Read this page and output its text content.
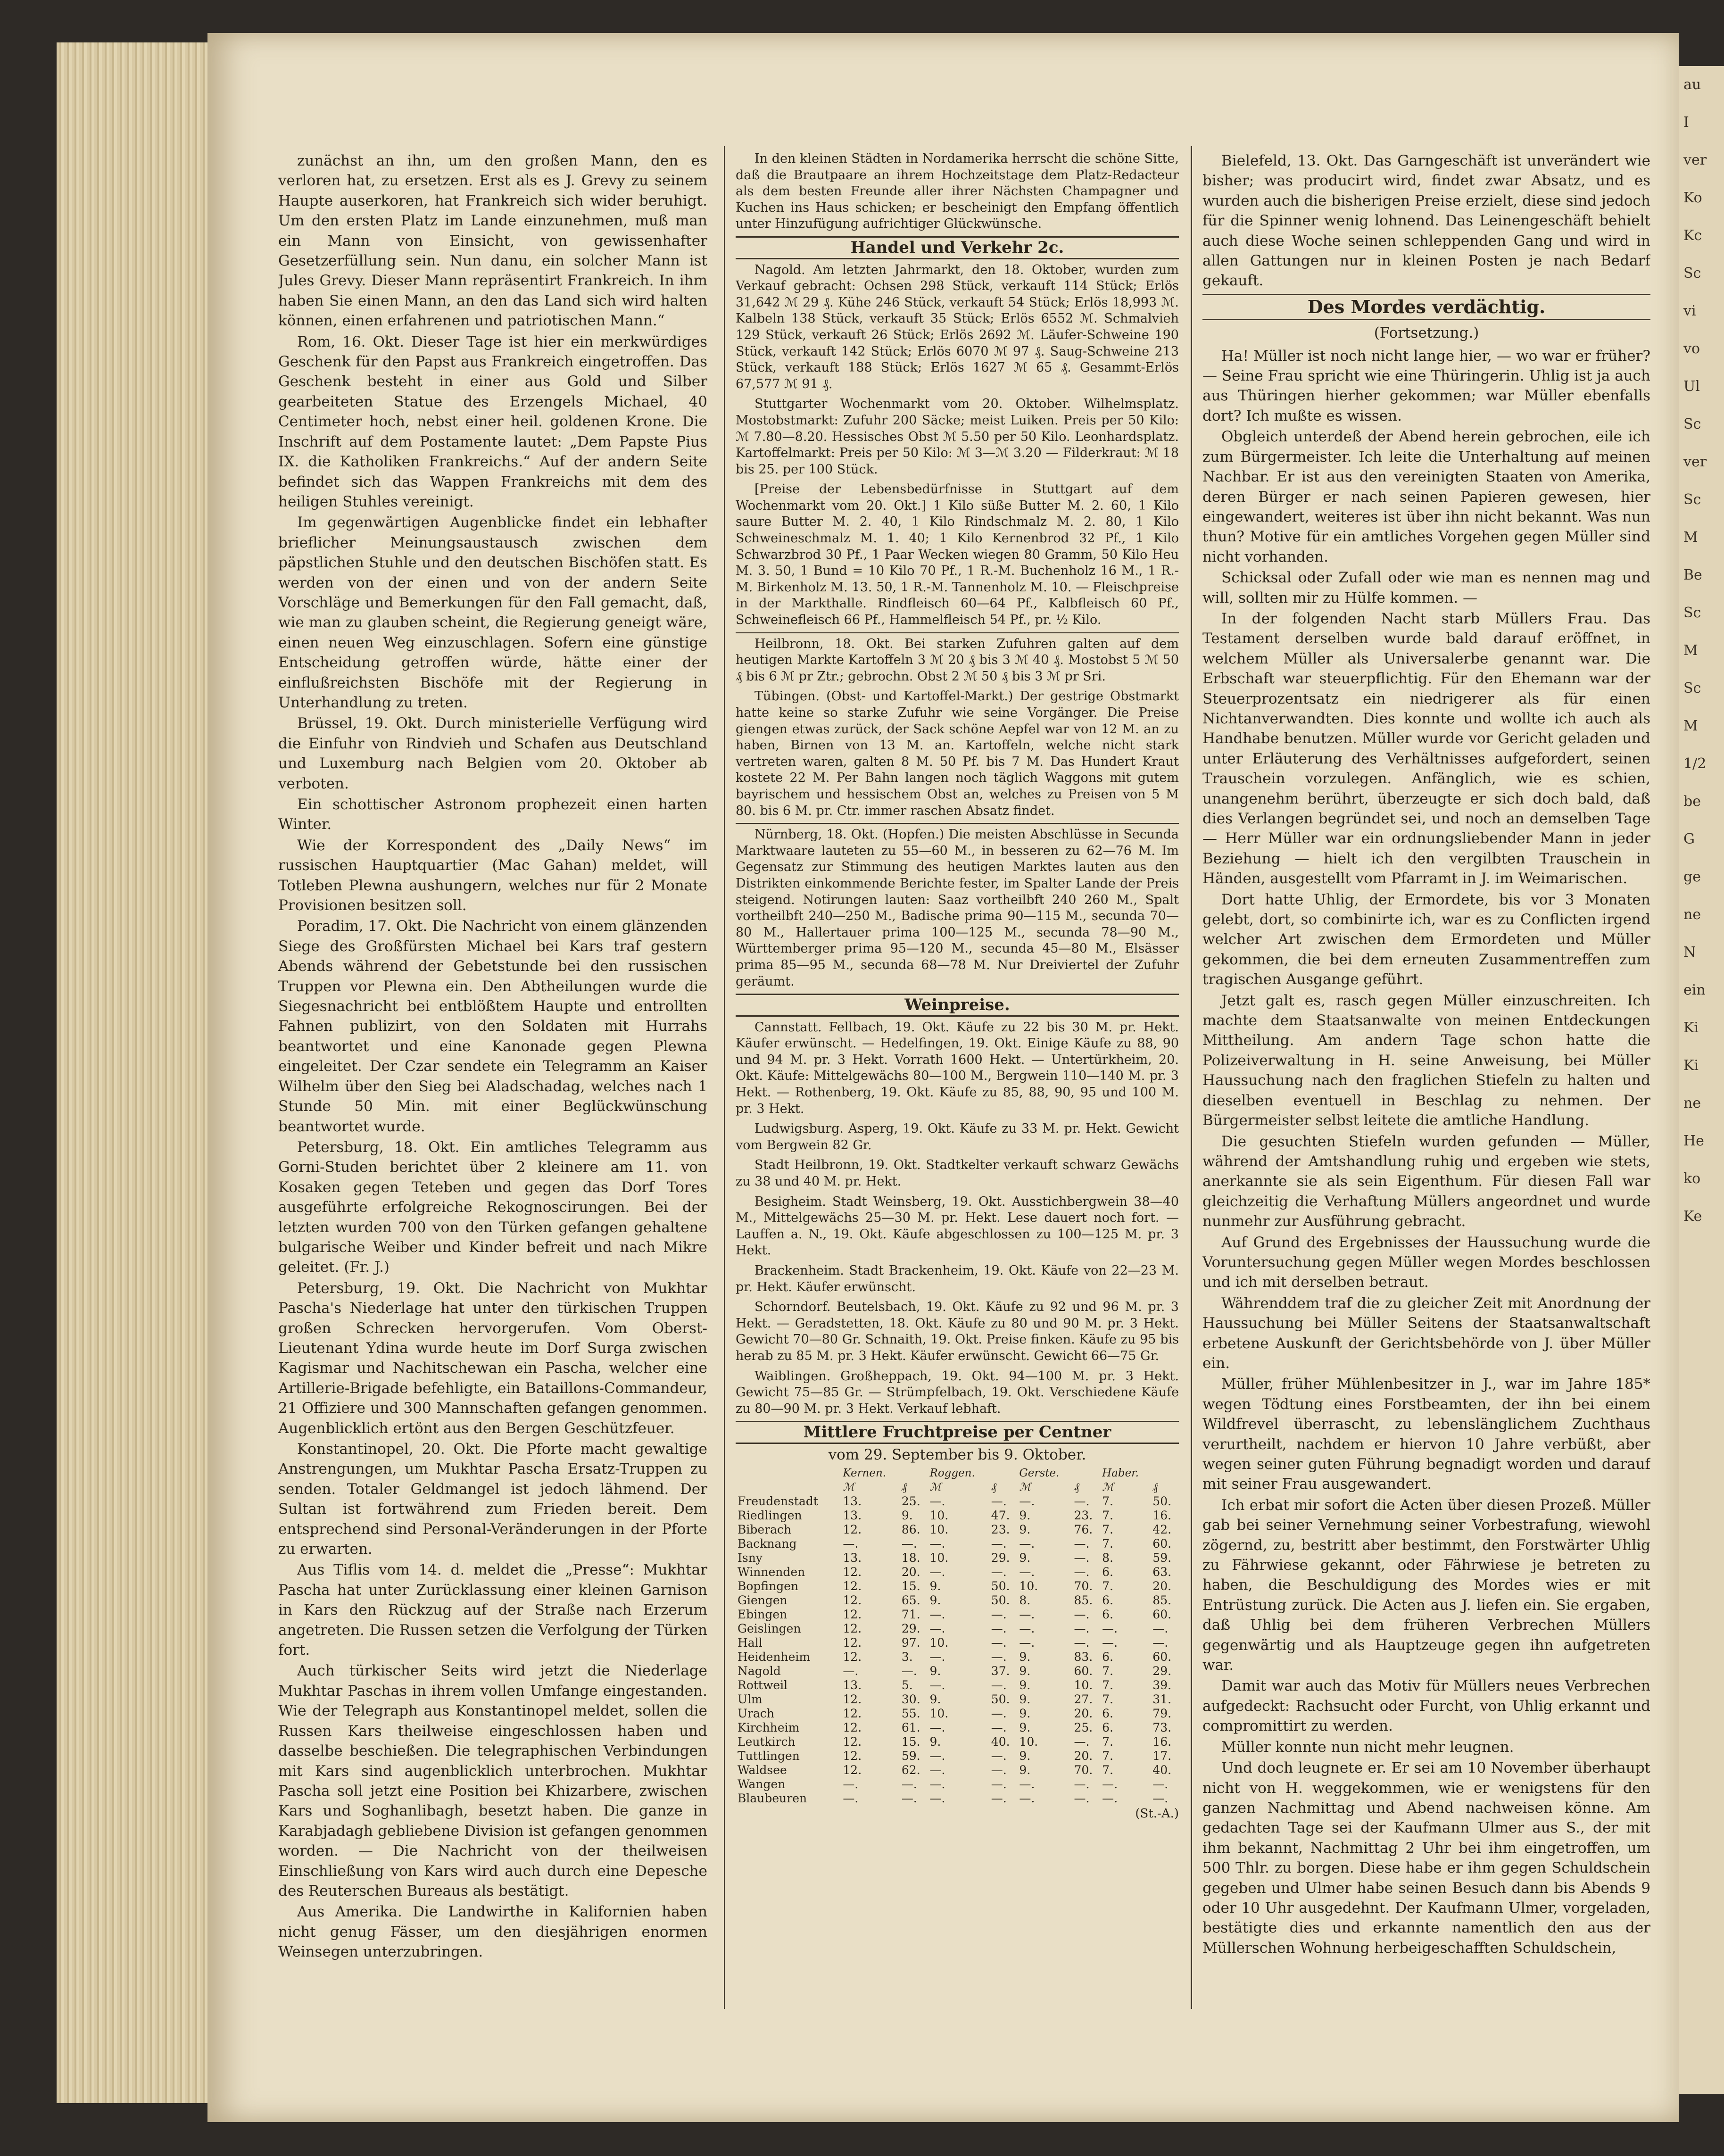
zunächst an ihn, um den großen Mann, den es verloren hat, zu ersetzen. Erst als es J. Grevy zu seinem Haupte auserkoren, hat Frankreich sich wider beruhigt. Um den ersten Platz im Lande einzunehmen, muß man ein Mann von Einsicht, von gewissenhafter Gesetzerfüllung sein. Nun danu, ein solcher Mann ist Jules Grevy. Dieser Mann repräsentirt Frankreich. In ihm haben Sie einen Mann, an den das Land sich wird halten können, einen erfahrenen und patriotischen Mann.“

Rom, 16. Okt. Dieser Tage ist hier ein merkwürdiges Geschenk für den Papst aus Frankreich eingetroffen. Das Geschenk besteht in einer aus Gold und Silber gearbeiteten Statue des Erzengels Michael, 40 Centimeter hoch, nebst einer heil. goldenen Krone. Die Inschrift auf dem Postamente lautet: „Dem Papste Pius IX. die Katholiken Frankreichs.“ Auf der andern Seite befindet sich das Wappen Frankreichs mit dem des heiligen Stuhles vereinigt.

Im gegenwärtigen Augenblicke findet ein lebhafter brieflicher Meinungsaustausch zwischen dem päpstlichen Stuhle und den deutschen Bischöfen statt. Es werden von der einen und von der andern Seite Vorschläge und Bemerkungen für den Fall gemacht, daß, wie man zu glauben scheint, die Regierung geneigt wäre, einen neuen Weg einzuschlagen. Sofern eine günstige Entscheidung getroffen würde, hätte einer der einflußreichsten Bischöfe mit der Regierung in Unterhandlung zu treten.

Brüssel, 19. Okt. Durch ministerielle Verfügung wird die Einfuhr von Rindvieh und Schafen aus Deutschland und Luxemburg nach Belgien vom 20. Oktober ab verboten.

Ein schottischer Astronom prophezeit einen harten Winter.

Wie der Korrespondent des „Daily News“ im russischen Hauptquartier (Mac Gahan) meldet, will Totleben Plewna aushungern, welches nur für 2 Monate Provisionen besitzen soll.

Poradim, 17. Okt. Die Nachricht von einem glänzenden Siege des Großfürsten Michael bei Kars traf gestern Abends während der Gebetstunde bei den russischen Truppen vor Plewna ein. Den Abtheilungen wurde die Siegesnachricht bei entblößtem Haupte und entrollten Fahnen publizirt, von den Soldaten mit Hurrahs beantwortet und eine Kanonade gegen Plewna eingeleitet. Der Czar sendete ein Telegramm an Kaiser Wilhelm über den Sieg bei Aladschadag, welches nach 1 Stunde 50 Min. mit einer Beglückwünschung beantwortet wurde.

Petersburg, 18. Okt. Ein amtliches Telegramm aus Gorni-Studen berichtet über 2 kleinere am 11. von Kosaken gegen Teteben und gegen das Dorf Tores ausgeführte erfolgreiche Rekognoscirungen. Bei der letzten wurden 700 von den Türken gefangen gehaltene bulgarische Weiber und Kinder befreit und nach Mikre geleitet. (Fr. J.)

Petersburg, 19. Okt. Die Nachricht von Mukhtar Pascha's Niederlage hat unter den türkischen Truppen großen Schrecken hervorgerufen. Vom Oberst-Lieutenant Ydina wurde heute im Dorf Surga zwischen Kagismar und Nachitschewan ein Pascha, welcher eine Artillerie-Brigade befehligte, ein Bataillons-Commandeur, 21 Offiziere und 300 Mannschaften gefangen genommen. Augenblicklich ertönt aus den Bergen Geschützfeuer.

Konstantinopel, 20. Okt. Die Pforte macht gewaltige Anstrengungen, um Mukhtar Pascha Ersatz-Truppen zu senden. Totaler Geldmangel ist jedoch lähmend. Der Sultan ist fortwährend zum Frieden bereit. Dem entsprechend sind Personal-Veränderungen in der Pforte zu erwarten.

Aus Tiflis vom 14. d. meldet die „Presse“: Mukhtar Pascha hat unter Zurücklassung einer kleinen Garnison in Kars den Rückzug auf der Straße nach Erzerum angetreten. Die Russen setzen die Verfolgung der Türken fort.

Auch türkischer Seits wird jetzt die Niederlage Mukhtar Paschas in ihrem vollen Umfange eingestanden. Wie der Telegraph aus Konstantinopel meldet, sollen die Russen Kars theilweise eingeschlossen haben und dasselbe beschießen. Die telegraphischen Verbindungen mit Kars sind augenblicklich unterbrochen. Mukhtar Pascha soll jetzt eine Position bei Khizarbere, zwischen Kars und Soghanlibagh, besetzt haben. Die ganze in Karabjadagh gebliebene Division ist gefangen genommen worden. — Die Nachricht von der theilweisen Einschließung von Kars wird auch durch eine Depesche des Reuterschen Bureaus als bestätigt.

Aus Amerika. Die Landwirthe in Kalifornien haben nicht genug Fässer, um den diesjährigen enormen Weinsegen unterzubringen.

In den kleinen Städten in Nordamerika herrscht die schöne Sitte, daß die Brautpaare an ihrem Hochzeitstage dem Platz-Redacteur als dem besten Freunde aller ihrer Nächsten Champagner und Kuchen ins Haus schicken; er bescheinigt den Empfang öffentlich unter Hinzufügung aufrichtiger Glückwünsche.

Handel und Verkehr 2c.

Nagold. Am letzten Jahrmarkt, den 18. Oktober, wurden zum Verkauf gebracht: Ochsen 298 Stück, verkauft 114 Stück; Erlös 31,642 ℳ 29 ₰. Kühe 246 Stück, verkauft 54 Stück; Erlös 18,993 ℳ. Kalbeln 138 Stück, verkauft 35 Stück; Erlös 6552 ℳ. Schmalvieh 129 Stück, verkauft 26 Stück; Erlös 2692 ℳ. Läufer-Schweine 190 Stück, verkauft 142 Stück; Erlös 6070 ℳ 97 ₰. Saug-Schweine 213 Stück, verkauft 188 Stück; Erlös 1627 ℳ 65 ₰. Gesammt-Erlös 67,577 ℳ 91 ₰.

Stuttgarter Wochenmarkt vom 20. Oktober. Wilhelmsplatz. Mostobstmarkt: Zufuhr 200 Säcke; meist Luiken. Preis per 50 Kilo: ℳ 7.80—8.20. Hessisches Obst ℳ 5.50 per 50 Kilo. Leonhardsplatz. Kartoffelmarkt: Preis per 50 Kilo: ℳ 3—ℳ 3.20 — Filderkraut: ℳ 18 bis 25. per 100 Stück.

[Preise der Lebensbedürfnisse in Stuttgart auf dem Wochenmarkt vom 20. Okt.] 1 Kilo süße Butter M. 2. 60, 1 Kilo saure Butter M. 2. 40, 1 Kilo Rindschmalz M. 2. 80, 1 Kilo Schweineschmalz M. 1. 40; 1 Kilo Kernenbrod 32 Pf., 1 Kilo Schwarzbrod 30 Pf., 1 Paar Wecken wiegen 80 Gramm, 50 Kilo Heu M. 3. 50, 1 Bund = 10 Kilo 70 Pf., 1 R.-M. Buchenholz 16 M., 1 R.-M. Birkenholz M. 13. 50, 1 R.-M. Tannenholz M. 10. — Fleischpreise in der Markthalle. Rindfleisch 60—64 Pf., Kalbfleisch 60 Pf., Schweinefleisch 66 Pf., Hammelfleisch 54 Pf., pr. ½ Kilo.

Heilbronn, 18. Okt. Bei starken Zufuhren galten auf dem heutigen Markte Kartoffeln 3 ℳ 20 ₰ bis 3 ℳ 40 ₰. Mostobst 5 ℳ 50 ₰ bis 6 ℳ pr Ztr.; gebrochn. Obst 2 ℳ 50 ₰ bis 3 ℳ pr Sri.

Tübingen. (Obst- und Kartoffel-Markt.) Der gestrige Obstmarkt hatte keine so starke Zufuhr wie seine Vorgänger. Die Preise giengen etwas zurück, der Sack schöne Aepfel war von 12 M. an zu haben, Birnen von 13 M. an. Kartoffeln, welche nicht stark vertreten waren, galten 8 M. 50 Pf. bis 7 M. Das Hundert Kraut kostete 22 M. Per Bahn langen noch täglich Waggons mit gutem bayrischem und hessischem Obst an, welches zu Preisen von 5 M 80. bis 6 M. pr. Ctr. immer raschen Absatz findet.

Nürnberg, 18. Okt. (Hopfen.) Die meisten Abschlüsse in Secunda Marktwaare lauteten zu 55—60 M., in besseren zu 62—76 M. Im Gegensatz zur Stimmung des heutigen Marktes lauten aus den Distrikten einkommende Berichte fester, im Spalter Lande der Preis steigend. Notirungen lauten: Saaz vortheilbft 240 260 M., Spalt vortheilbft 240—250 M., Badische prima 90—115 M., secunda 70—80 M., Hallertauer prima 100—125 M., secunda 78—90 M., Württemberger prima 95—120 M., secunda 45—80 M., Elsässer prima 85—95 M., secunda 68—78 M. Nur Dreiviertel der Zufuhr geräumt.

Weinpreise.

Cannstatt. Fellbach, 19. Okt. Käufe zu 22 bis 30 M. pr. Hekt. Käufer erwünscht. — Hedelfingen, 19. Okt. Einige Käufe zu 88, 90 und 94 M. pr. 3 Hekt. Vorrath 1600 Hekt. — Untertürkheim, 20. Okt. Käufe: Mittelgewächs 80—100 M., Bergwein 110—140 M. pr. 3 Hekt. — Rothenberg, 19. Okt. Käufe zu 85, 88, 90, 95 und 100 M. pr. 3 Hekt.

Ludwigsburg. Asperg, 19. Okt. Käufe zu 33 M. pr. Hekt. Gewicht vom Bergwein 82 Gr.

Stadt Heilbronn, 19. Okt. Stadtkelter verkauft schwarz Gewächs zu 38 und 40 M. pr. Hekt.

Besigheim. Stadt Weinsberg, 19. Okt. Ausstichbergwein 38—40 M., Mittelgewächs 25—30 M. pr. Hekt. Lese dauert noch fort. — Lauffen a. N., 19. Okt. Käufe abgeschlossen zu 100—125 M. pr. 3 Hekt.

Brackenheim. Stadt Brackenheim, 19. Okt. Käufe von 22—23 M. pr. Hekt. Käufer erwünscht.

Schorndorf. Beutelsbach, 19. Okt. Käufe zu 92 und 96 M. pr. 3 Hekt. — Geradstetten, 18. Okt. Käufe zu 80 und 90 M. pr. 3 Hekt. Gewicht 70—80 Gr. Schnaith, 19. Okt. Preise finken. Käufe zu 95 bis herab zu 85 M. pr. 3 Hekt. Käufer erwünscht. Gewicht 66—75 Gr.

Waiblingen. Großheppach, 19. Okt. 94—100 M. pr. 3 Hekt. Gewicht 75—85 Gr. — Strümpfelbach, 19. Okt. Verschiedene Käufe zu 80—90 M. pr. 3 Hekt. Verkauf lebhaft.

Mittlere Fruchtpreise per Centner
vom 29. September bis 9. Oktober.
	Kernen.		Roggen.		Gerste.		Haber.	
	ℳ	₰	ℳ	₰	ℳ	₰	ℳ	₰
Freudenstadt	13.	25.	—.	—.	—.	—.	7.	50.
Riedlingen	13.	9.	10.	47.	9.	23.	7.	16.
Biberach	12.	86.	10.	23.	9.	76.	7.	42.
Backnang	—.	—.	—.	—.	—.	—.	7.	60.
Isny	13.	18.	10.	29.	9.	—.	8.	59.
Winnenden	12.	20.	—.	—.	—.	—.	6.	63.
Bopfingen	12.	15.	9.	50.	10.	70.	7.	20.
Giengen	12.	65.	9.	50.	8.	85.	6.	85.
Ebingen	12.	71.	—.	—.	—.	—.	6.	60.
Geislingen	12.	29.	—.	—.	—.	—.	—.	—.
Hall	12.	97.	10.	—.	—.	—.	—.	—.
Heidenheim	12.	3.	—.	—.	9.	83.	6.	60.
Nagold	—.	—.	9.	37.	9.	60.	7.	29.
Rottweil	13.	5.	—.	—.	9.	10.	7.	39.
Ulm	12.	30.	9.	50.	9.	27.	7.	31.
Urach	12.	55.	10.	—.	9.	20.	6.	79.
Kirchheim	12.	61.	—.	—.	9.	25.	6.	73.
Leutkirch	12.	15.	9.	40.	10.	—.	7.	16.
Tuttlingen	12.	59.	—.	—.	9.	20.	7.	17.
Waldsee	12.	62.	—.	—.	9.	70.	7.	40.
Wangen	—.	—.	—.	—.	—.	—.	—.	—.
Blaubeuren	—.	—.	—.	—.	—.	—.	—.	—.
(St.-A.)

Bielefeld, 13. Okt. Das Garngeschäft ist unverändert wie bisher; was producirt wird, findet zwar Absatz, und es wurden auch die bisherigen Preise erzielt, diese sind jedoch für die Spinner wenig lohnend. Das Leinengeschäft behielt auch diese Woche seinen schleppenden Gang und wird in allen Gattungen nur in kleinen Posten je nach Bedarf gekauft.

Des Mordes verdächtig.
(Fortsetzung.)

Ha! Müller ist noch nicht lange hier, — wo war er früher? — Seine Frau spricht wie eine Thüringerin. Uhlig ist ja auch aus Thüringen hierher gekommen; war Müller ebenfalls dort? Ich mußte es wissen.

Obgleich unterdeß der Abend herein gebrochen, eile ich zum Bürgermeister. Ich leite die Unterhaltung auf meinen Nachbar. Er ist aus den vereinigten Staaten von Amerika, deren Bürger er nach seinen Papieren gewesen, hier eingewandert, weiteres ist über ihn nicht bekannt. Was nun thun? Motive für ein amtliches Vorgehen gegen Müller sind nicht vorhanden.

Schicksal oder Zufall oder wie man es nennen mag und will, sollten mir zu Hülfe kommen. —

In der folgenden Nacht starb Müllers Frau. Das Testament derselben wurde bald darauf eröffnet, in welchem Müller als Universalerbe genannt war. Die Erbschaft war steuerpflichtig. Für den Ehemann war der Steuerprozentsatz ein niedrigerer als für einen Nichtanverwandten. Dies konnte und wollte ich auch als Handhabe benutzen. Müller wurde vor Gericht geladen und unter Erläuterung des Verhältnisses aufgefordert, seinen Trauschein vorzulegen. Anfänglich, wie es schien, unangenehm berührt, überzeugte er sich doch bald, daß dies Verlangen begründet sei, und noch an demselben Tage — Herr Müller war ein ordnungsliebender Mann in jeder Beziehung — hielt ich den vergilbten Trauschein in Händen, ausgestellt vom Pfarramt in J. im Weimarischen.

Dort hatte Uhlig, der Ermordete, bis vor 3 Monaten gelebt, dort, so combinirte ich, war es zu Conflicten irgend welcher Art zwischen dem Ermordeten und Müller gekommen, die bei dem erneuten Zusammentreffen zum tragischen Ausgange geführt.

Jetzt galt es, rasch gegen Müller einzuschreiten. Ich machte dem Staatsanwalte von meinen Entdeckungen Mittheilung. Am andern Tage schon hatte die Polizeiverwaltung in H. seine Anweisung, bei Müller Haussuchung nach den fraglichen Stiefeln zu halten und dieselben eventuell in Beschlag zu nehmen. Der Bürgermeister selbst leitete die amtliche Handlung.

Die gesuchten Stiefeln wurden gefunden — Müller, während der Amtshandlung ruhig und ergeben wie stets, anerkannte sie als sein Eigenthum. Für diesen Fall war gleichzeitig die Verhaftung Müllers angeordnet und wurde nunmehr zur Ausführung gebracht.

Auf Grund des Ergebnisses der Haussuchung wurde die Voruntersuchung gegen Müller wegen Mordes beschlossen und ich mit derselben betraut.

Währenddem traf die zu gleicher Zeit mit Anordnung der Haussuchung bei Müller Seitens der Staatsanwaltschaft erbetene Auskunft der Gerichtsbehörde von J. über Müller ein.

Müller, früher Mühlenbesitzer in J., war im Jahre 185* wegen Tödtung eines Forstbeamten, der ihn bei einem Wildfrevel überrascht, zu lebenslänglichem Zuchthaus verurtheilt, nachdem er hiervon 10 Jahre verbüßt, aber wegen seiner guten Führung begnadigt worden und darauf mit seiner Frau ausgewandert.

Ich erbat mir sofort die Acten über diesen Prozeß. Müller gab bei seiner Vernehmung seiner Vorbestrafung, wiewohl zögernd, zu, bestritt aber bestimmt, den Forstwärter Uhlig zu Fährwiese gekannt, oder Fährwiese je betreten zu haben, die Beschuldigung des Mordes wies er mit Entrüstung zurück. Die Acten aus J. liefen ein. Sie ergaben, daß Uhlig bei dem früheren Verbrechen Müllers gegenwärtig und als Hauptzeuge gegen ihn aufgetreten war.

Damit war auch das Motiv für Müllers neues Verbrechen aufgedeckt: Rachsucht oder Furcht, von Uhlig erkannt und compromittirt zu werden.

Müller konnte nun nicht mehr leugnen.

Und doch leugnete er. Er sei am 10 November überhaupt nicht von H. weggekommen, wie er wenigstens für den ganzen Nachmittag und Abend nachweisen könne. Am gedachten Tage sei der Kaufmann Ulmer aus S., der mit ihm bekannt, Nachmittag 2 Uhr bei ihm eingetroffen, um 500 Thlr. zu borgen. Diese habe er ihm gegen Schuldschein gegeben und Ulmer habe seinen Besuch dann bis Abends 9 oder 10 Uhr ausgedehnt. Der Kaufmann Ulmer, vorgeladen, bestätigte dies und erkannte namentlich den aus der Müllerschen Wohnung herbeigeschafften Schuldschein,

au
I
ver
Ko
Kc
Sc
vi
vo
Ul
Sc
ver
Sc
M
Be
Sc
M
Sc
M
1/2
be
G
ge
ne
N
ein
Ki
Ki
ne
He
ko
Ke
